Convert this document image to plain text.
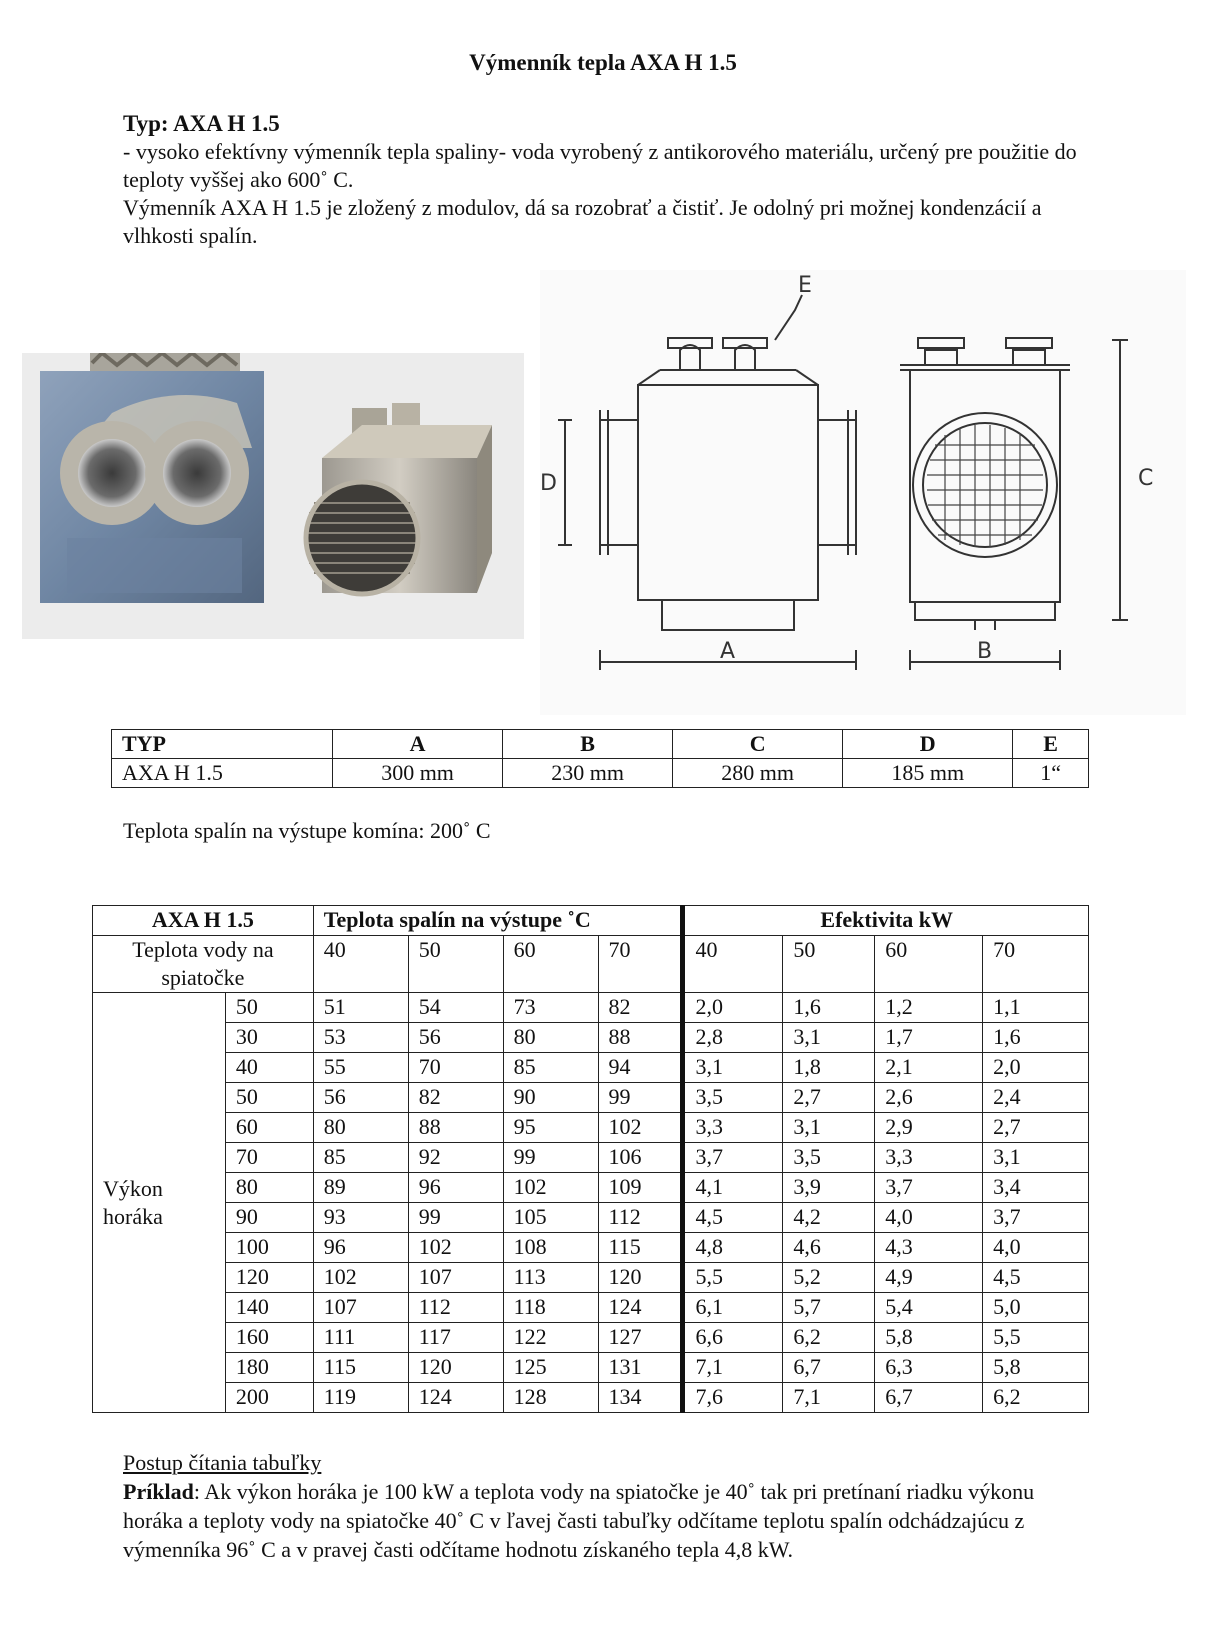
Výmenník tepla AXA H 1.5

Typ: AXA H 1.5

- vysoko efektívny výmenník tepla spaliny- voda vyrobený z antikorového materiálu, určený pre použitie do teploty vyššej ako 600˚ C.

Výmenník AXA H 1.5 je zložený z modulov, dá sa rozobrať a čistiť. Je odolný pri možnej kondenzácií a vlhkosti spalín.

A	B
C
D
E
TYP	A	B	C	D	E
AXA H 1.5	300 mm	230 mm	280 mm	185 mm	1“
Teplota spalín na výstupe komína: 200˚ C
AXA H 1.5		Teplota spalín na výstupe ˚C				Efektivita kW			
Teplota vody na spiatočke		40	50	60	70	40	50	60	70
Výkon horáka	50	51	54	73	82	2,0	1,6	1,2	1,1
	30	53	56	80	88	2,8	3,1	1,7	1,6
	40	55	70	85	94	3,1	1,8	2,1	2,0
	50	56	82	90	99	3,5	2,7	2,6	2,4
	60	80	88	95	102	3,3	3,1	2,9	2,7
	70	85	92	99	106	3,7	3,5	3,3	3,1
	80	89	96	102	109	4,1	3,9	3,7	3,4
	90	93	99	105	112	4,5	4,2	4,0	3,7
	100	96	102	108	115	4,8	4,6	4,3	4,0
	120	102	107	113	120	5,5	5,2	4,9	4,5
	140	107	112	118	124	6,1	5,7	5,4	5,0
	160	111	117	122	127	6,6	6,2	5,8	5,5
	180	115	120	125	131	7,1	6,7	6,3	5,8
	200	119	124	128	134	7,6	7,1	6,7	6,2
Postup čítania tabuľky
Príklad: Ak výkon horáka je 100 kW a teplota vody na spiatočke je 40˚ tak pri pretínaní riadku výkonu horáka a teploty vody na spiatočke 40˚ C v ľavej časti tabuľky odčítame teplotu spalín odchádzajúcu z výmenníka 96˚ C a v pravej časti odčítame hodnotu získaného tepla 4,8 kW.
